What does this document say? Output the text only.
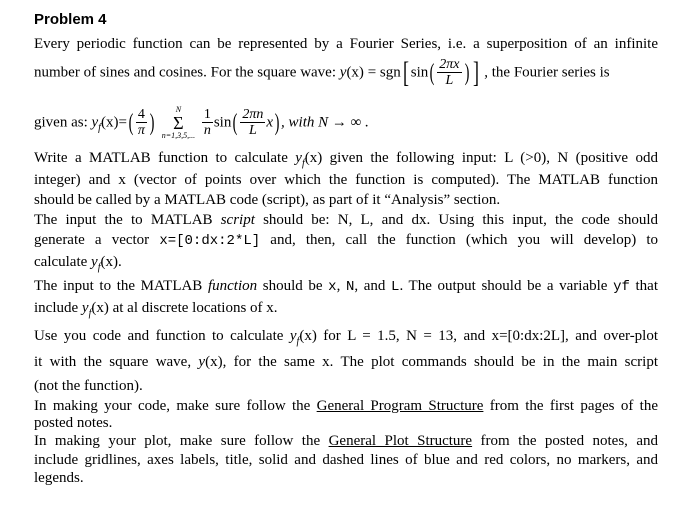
Problem 4
Every periodic function can be represented by a Fourier Series, i.e. a superposition of an infinite
number of sines and cosines. For the square wave: y(x) = sgn[ $\sin( \frac{2\pi x}{L}$ ) ] , the Fourier series is
given as: $y_f(x)=( \frac{4}{\pi}$ )
N
Σ
n=1,3,5,...
$\frac{1}{n} \sin( \frac{2\pi n}{L} x)$ , with N → ∞ .
Write a MATLAB function to calculate $y_f(x)$ given the following input: L (>0), N (positive odd
integer) and x (vector of points over which the function is computed). The MATLAB function
should be called by a MATLAB code (script), as part of it “Analysis” section.
The input the to MATLAB script should be: N, L, and dx. Using this input, the code should
generate a vector x=[0:dx:2*L] and, then, call the function (which you will develop) to
calculate $y_f(x)$.
The input to the MATLAB function should be x, N, and L. The output should be a variable yf that
include $y_f(x)$ at al discrete locations of x.
Use you code and function to calculate $y_f(x)$ for L = 1.5, N = 13, and x=[0:dx:2L], and over-plot
it with the square wave, y(x), for the same x. The plot commands should be in the main script
(not the function).
In making your code, make sure follow the General Program Structure from the first pages of the
posted notes.
In making your plot, make sure follow the General Plot Structure from the posted notes, and
include gridlines, axes labels, title, solid and dashed lines of blue and red colors, no markers, and
legends.
